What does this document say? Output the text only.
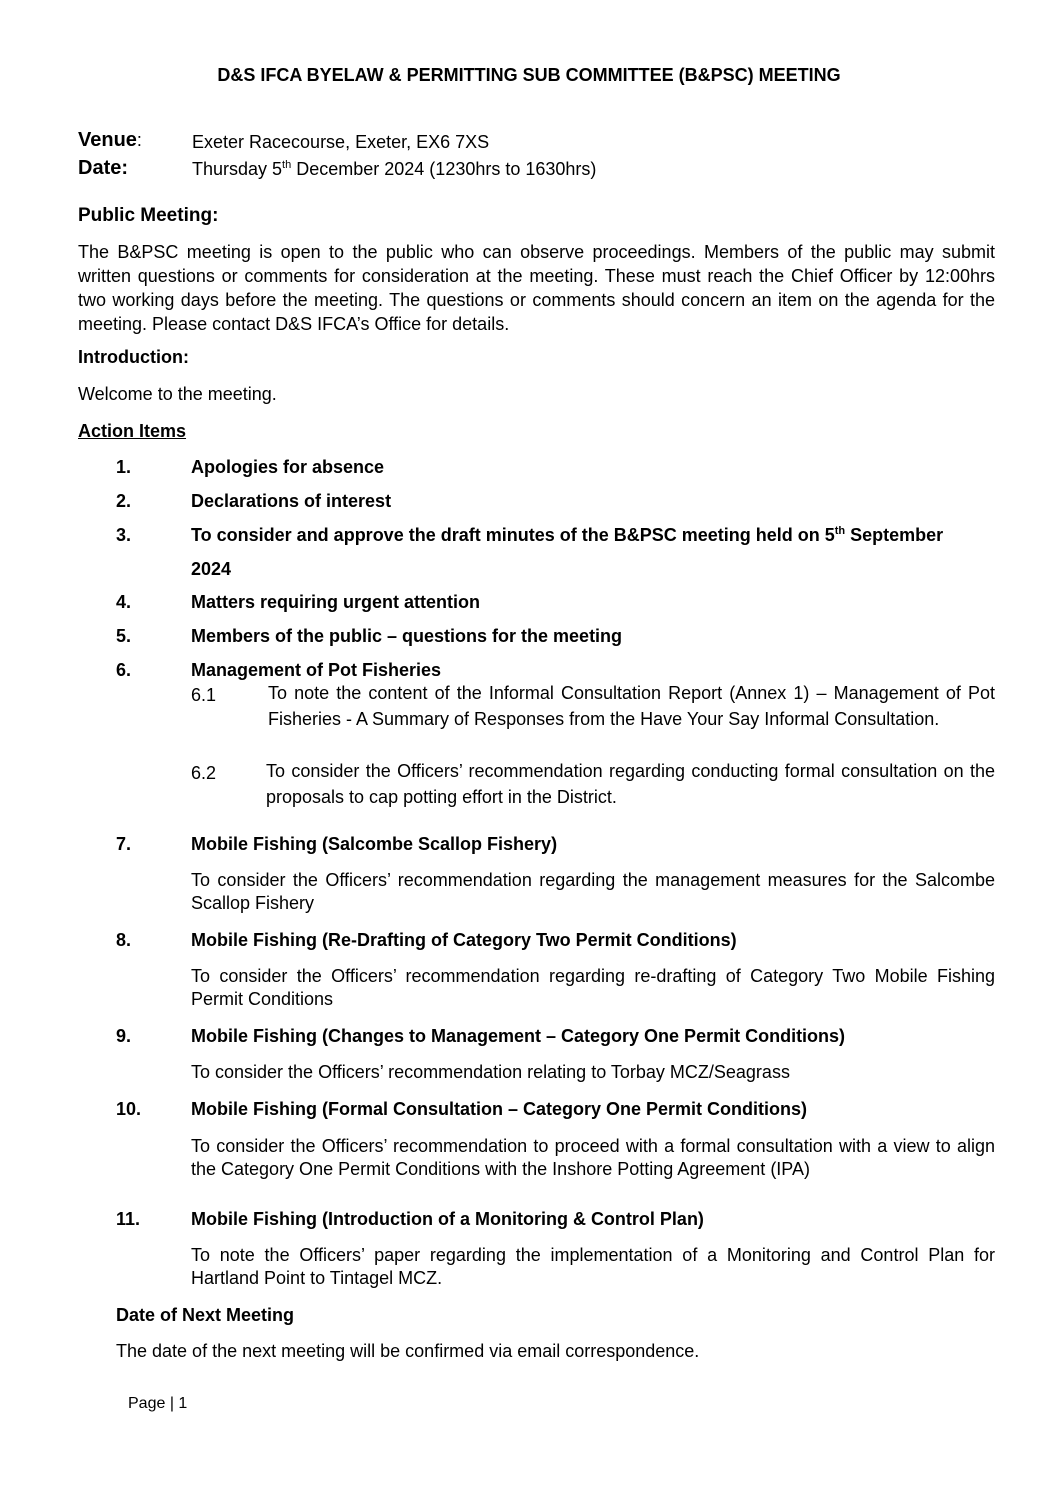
D&S IFCA BYELAW & PERMITTING SUB COMMITTEE (B&PSC) MEETING
Venue:	Exeter Racecourse, Exeter, EX6 7XS
Date:	Thursday 5th December 2024 (1230hrs to 1630hrs)
Public Meeting:
The B&PSC meeting is open to the public who can observe proceedings. Members of the public may submit written questions or comments for consideration at the meeting. These must reach the Chief Officer by 12:00hrs two working days before the meeting. The questions or comments should concern an item on the agenda for the meeting. Please contact D&S IFCA’s Office for details.
Introduction:
Welcome to the meeting.
Action Items
1.	Apologies for absence
2.	Declarations of interest
3.	To consider and approve the draft minutes of the B&PSC meeting held on 5th September
2024
4.	Matters requiring urgent attention
5.	Members of the public – questions for the meeting
6.	Management of Pot Fisheries
6.1	To note the content of the Informal Consultation Report (Annex 1) – Management of Pot Fisheries - A Summary of Responses from the Have Your Say Informal Consultation.
6.2	To consider the Officers’ recommendation regarding conducting formal consultation on the proposals to cap potting effort in the District.
7.	Mobile Fishing (Salcombe Scallop Fishery)
To consider the Officers’ recommendation regarding the management measures for the Salcombe Scallop Fishery
8.	Mobile Fishing (Re-Drafting of Category Two Permit Conditions)
To consider the Officers’ recommendation regarding re-drafting of Category Two Mobile Fishing Permit Conditions
9.	Mobile Fishing (Changes to Management – Category One Permit Conditions)
To consider the Officers’ recommendation relating to Torbay MCZ/Seagrass
10.	Mobile Fishing (Formal Consultation – Category One Permit Conditions)
To consider the Officers’ recommendation to proceed with a formal consultation with a view to align the Category One Permit Conditions with the Inshore Potting Agreement (IPA)
11.	Mobile Fishing (Introduction of a Monitoring & Control Plan)
To note the Officers’ paper regarding the implementation of a Monitoring and Control Plan for Hartland Point to Tintagel MCZ.
Date of Next Meeting
The date of the next meeting will be confirmed via email correspondence.
Page | 1
